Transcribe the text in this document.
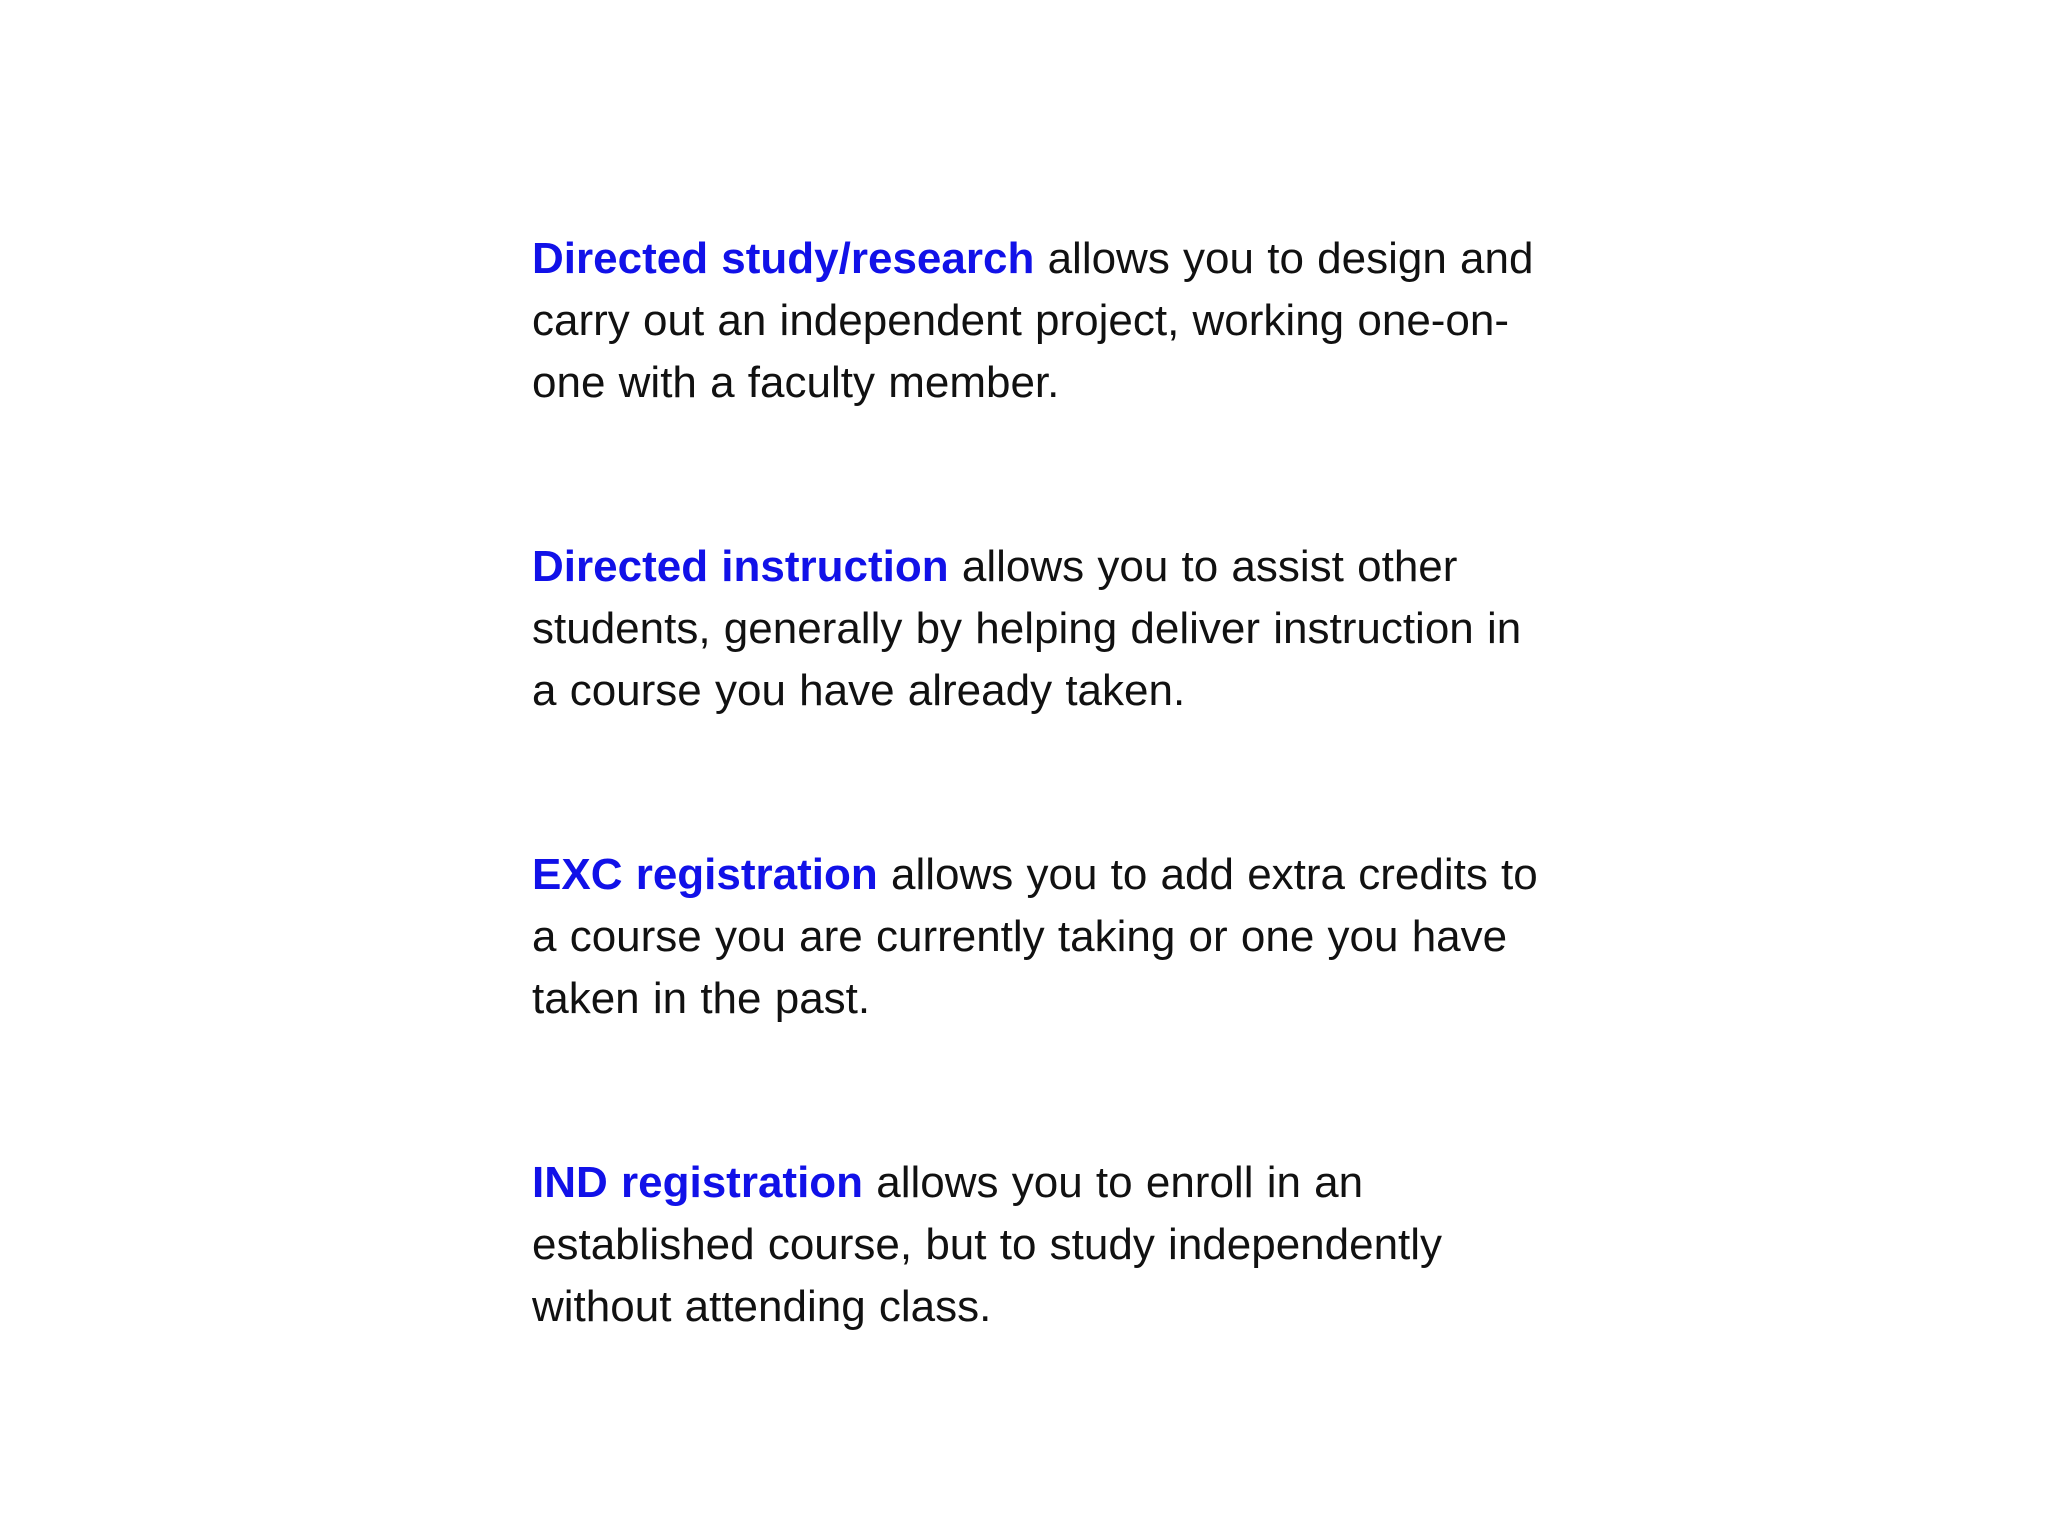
Directed study/research allows you to design and carry out an independent project, working one-on-one with a faculty member.

Directed instruction allows you to assist other students, generally by helping deliver instruction in a course you have already taken.

EXC registration allows you to add extra credits to a course you are currently taking or one you have taken in the past.

IND registration allows you to enroll in an established course, but to study independently without attending class.
